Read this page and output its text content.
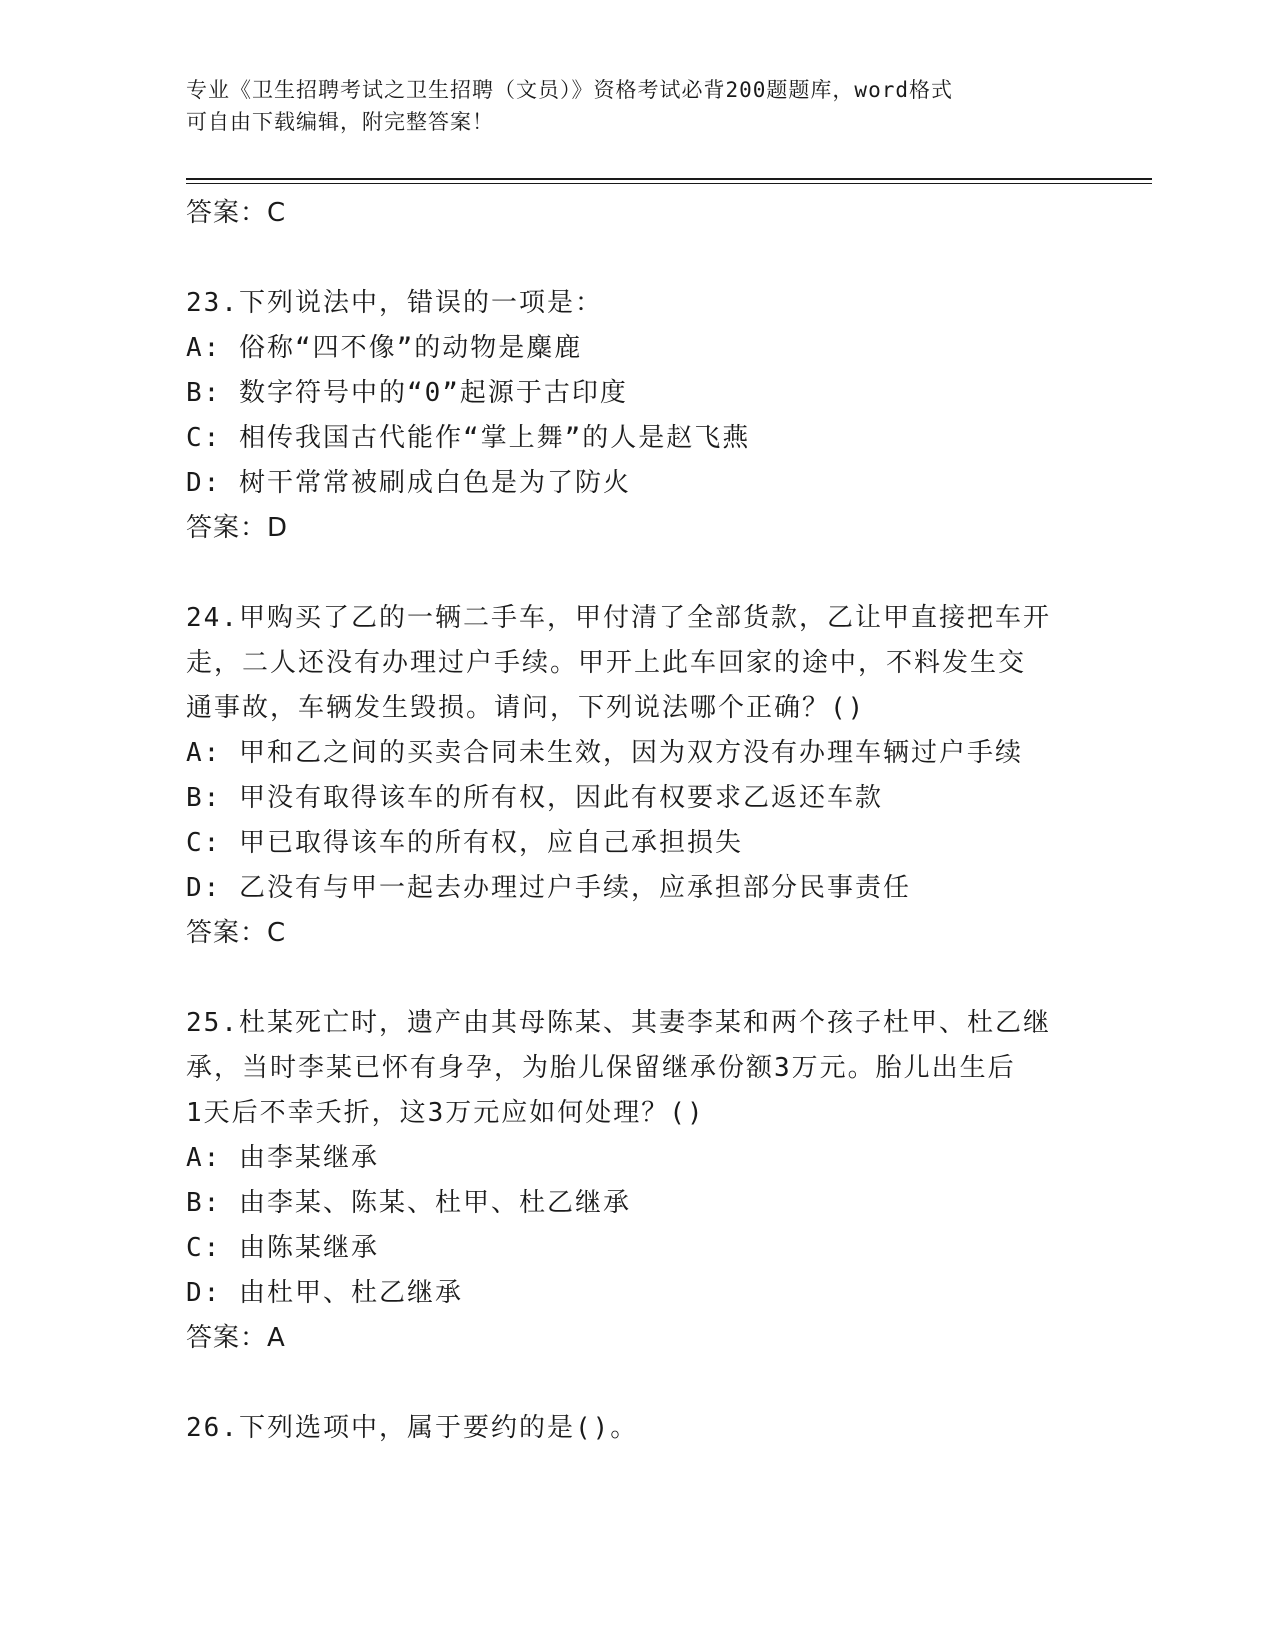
专业《卫生招聘考试之卫生招聘（文员）》资格考试必背200题题库，word格式
可自由下载编辑，附完整答案！
答案：C
23.下列说法中，错误的一项是：
A: 俗称“四不像”的动物是麋鹿
B: 数字符号中的“0”起源于古印度
C: 相传我国古代能作“掌上舞”的人是赵飞燕
D: 树干常常被刷成白色是为了防火
答案：D
24.甲购买了乙的一辆二手车，甲付清了全部货款，乙让甲直接把车开
走，二人还没有办理过户手续。甲开上此车回家的途中，不料发生交
通事故，车辆发生毁损。请问，下列说法哪个正确？()
A: 甲和乙之间的买卖合同未生效，因为双方没有办理车辆过户手续
B: 甲没有取得该车的所有权，因此有权要求乙返还车款
C: 甲已取得该车的所有权，应自己承担损失
D: 乙没有与甲一起去办理过户手续，应承担部分民事责任
答案：C
25.杜某死亡时，遗产由其母陈某、其妻李某和两个孩子杜甲、杜乙继
承，当时李某已怀有身孕，为胎儿保留继承份额3万元。胎儿出生后
1天后不幸夭折，这3万元应如何处理？()
A: 由李某继承
B: 由李某、陈某、杜甲、杜乙继承
C: 由陈某继承
D: 由杜甲、杜乙继承
答案：A
26.下列选项中，属于要约的是()。
